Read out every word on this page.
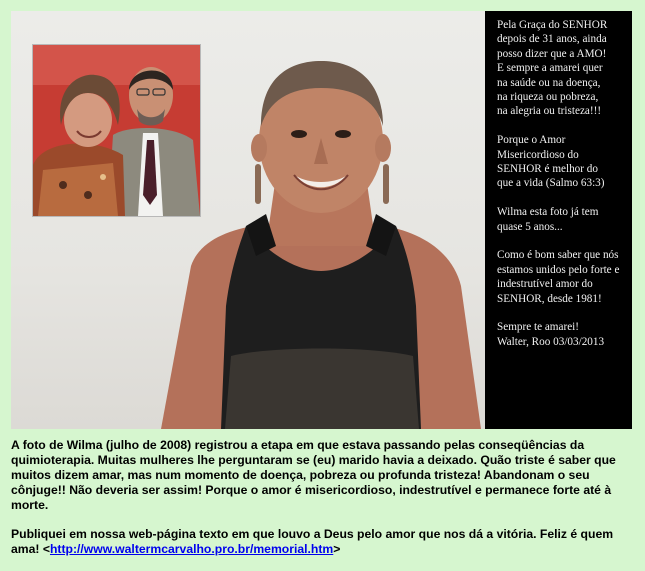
Pela Graça do SENHOR
depois de 31 anos, ainda
posso dizer que a AMO!
E sempre a amarei quer
na saúde ou na doença,
na riqueza ou pobreza,
na alegria ou tristeza!!!

Porque o Amor
Misericordioso do
SENHOR é melhor do
que a vida (Salmo 63:3)

Wilma esta foto já tem
quase 5 anos...

Como é bom saber que nós
estamos unidos pelo forte e
indestrutível amor do
SENHOR, desde 1981!

Sempre te amarei!
Walter, Roo 03/03/2013

A foto de Wilma (julho de 2008) registrou a etapa em que estava passando pelas conseqüências da quimioterapia. Muitas mulheres lhe perguntaram se (eu) marido havia a deixado. Quão triste é saber que muitos dizem amar, mas num momento de doença, pobreza ou profunda tristeza! Abandonam o seu cônjuge!! Não deveria ser assim! Porque o amor é misericordioso, indestrutível e permanece forte até à morte.

Publiquei em nossa web-página texto em que louvo a Deus pelo amor que nos dá a vitória. Feliz é quem ama! <http://www.waltermcarvalho.pro.br/memorial.htm>
